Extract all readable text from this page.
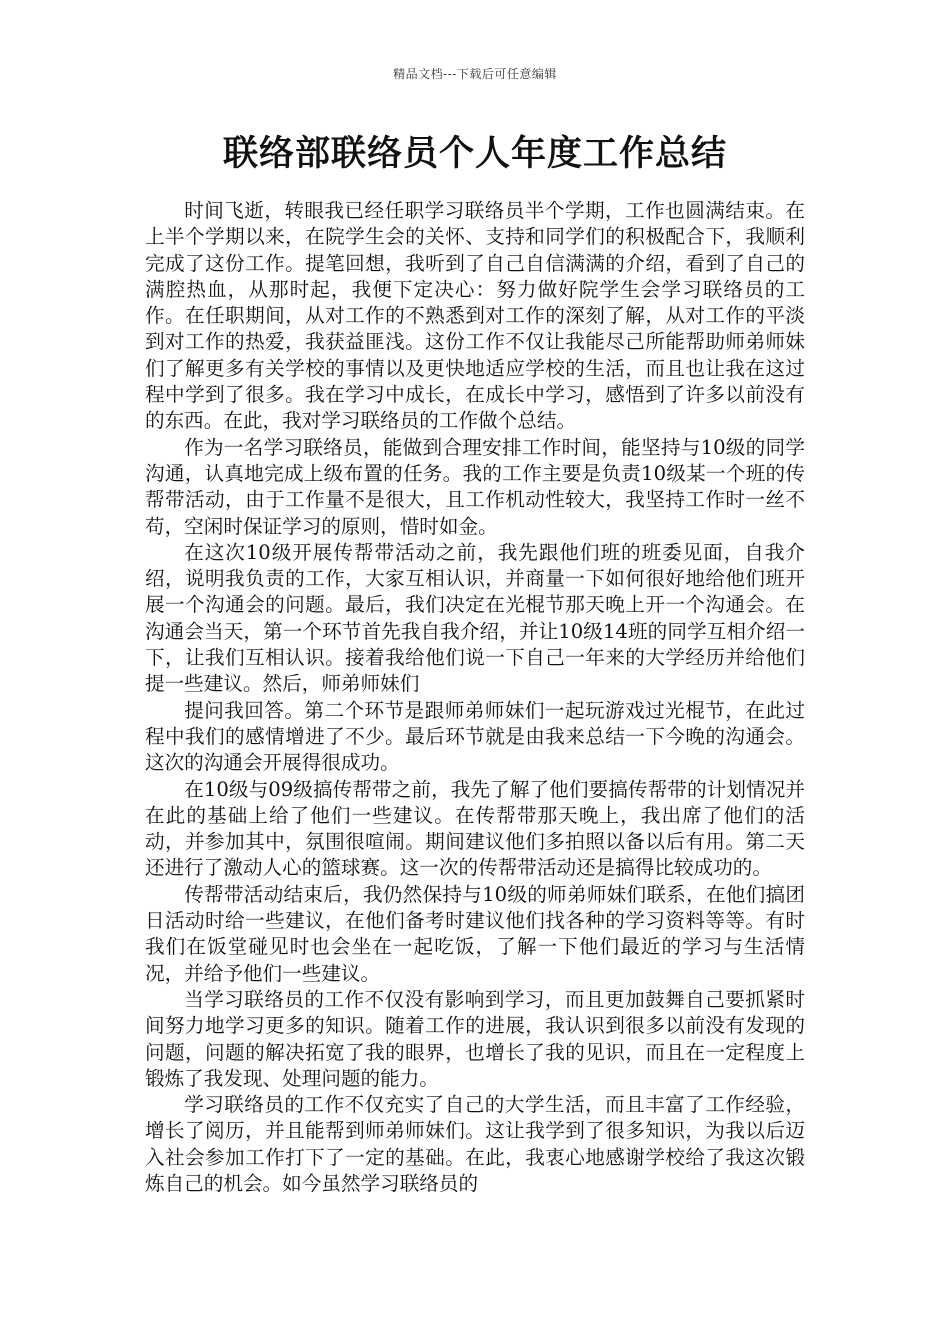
精品文档---下载后可任意编辑
联络部联络员个人年度工作总结

时间飞逝，转眼我已经任职学习联络员半个学期，工作也圆满结束。在上半个学期以来，在院学生会的关怀、支持和同学们的积极配合下，我顺利完成了这份工作。提笔回想，我听到了自己自信满满的介绍，看到了自己的满腔热血，从那时起，我便下定决心：努力做好院学生会学习联络员的工作。在任职期间，从对工作的不熟悉到对工作的深刻了解，从对工作的平淡到对工作的热爱，我获益匪浅。这份工作不仅让我能尽己所能帮助师弟师妹们了解更多有关学校的事情以及更快地适应学校的生活，而且也让我在这过程中学到了很多。我在学习中成长，在成长中学习，感悟到了许多以前没有的东西。在此，我对学习联络员的工作做个总结。

作为一名学习联络员，能做到合理安排工作时间，能坚持与10级的同学沟通，认真地完成上级布置的任务。我的工作主要是负责10级某一个班的传帮带活动，由于工作量不是很大，且工作机动性较大，我坚持工作时一丝不苟，空闲时保证学习的原则，惜时如金。

在这次10级开展传帮带活动之前，我先跟他们班的班委见面，自我介绍，说明我负责的工作，大家互相认识，并商量一下如何很好地给他们班开展一个沟通会的问题。最后，我们决定在光棍节那天晚上开一个沟通会。在沟通会当天，第一个环节首先我自我介绍，并让10级14班的同学互相介绍一下，让我们互相认识。接着我给他们说一下自己一年来的大学经历并给他们提一些建议。然后，师弟师妹们

提问我回答。第二个环节是跟师弟师妹们一起玩游戏过光棍节，在此过程中我们的感情增进了不少。最后环节就是由我来总结一下今晚的沟通会。这次的沟通会开展得很成功。

在10级与09级搞传帮带之前，我先了解了他们要搞传帮带的计划情况并在此的基础上给了他们一些建议。在传帮带那天晚上，我出席了他们的活动，并参加其中，氛围很喧闹。期间建议他们多拍照以备以后有用。第二天还进行了激动人心的篮球赛。这一次的传帮带活动还是搞得比较成功的。

传帮带活动结束后，我仍然保持与10级的师弟师妹们联系，在他们搞团日活动时给一些建议，在他们备考时建议他们找各种的学习资料等等。有时我们在饭堂碰见时也会坐在一起吃饭，了解一下他们最近的学习与生活情况，并给予他们一些建议。

当学习联络员的工作不仅没有影响到学习，而且更加鼓舞自己要抓紧时间努力地学习更多的知识。随着工作的进展，我认识到很多以前没有发现的问题，问题的解决拓宽了我的眼界，也增长了我的见识，而且在一定程度上锻炼了我发现、处理问题的能力。

学习联络员的工作不仅充实了自己的大学生活，而且丰富了工作经验，增长了阅历，并且能帮到师弟师妹们。这让我学到了很多知识，为我以后迈入社会参加工作打下了一定的基础。在此，我衷心地感谢学校给了我这次锻炼自己的机会。如今虽然学习联络员的
